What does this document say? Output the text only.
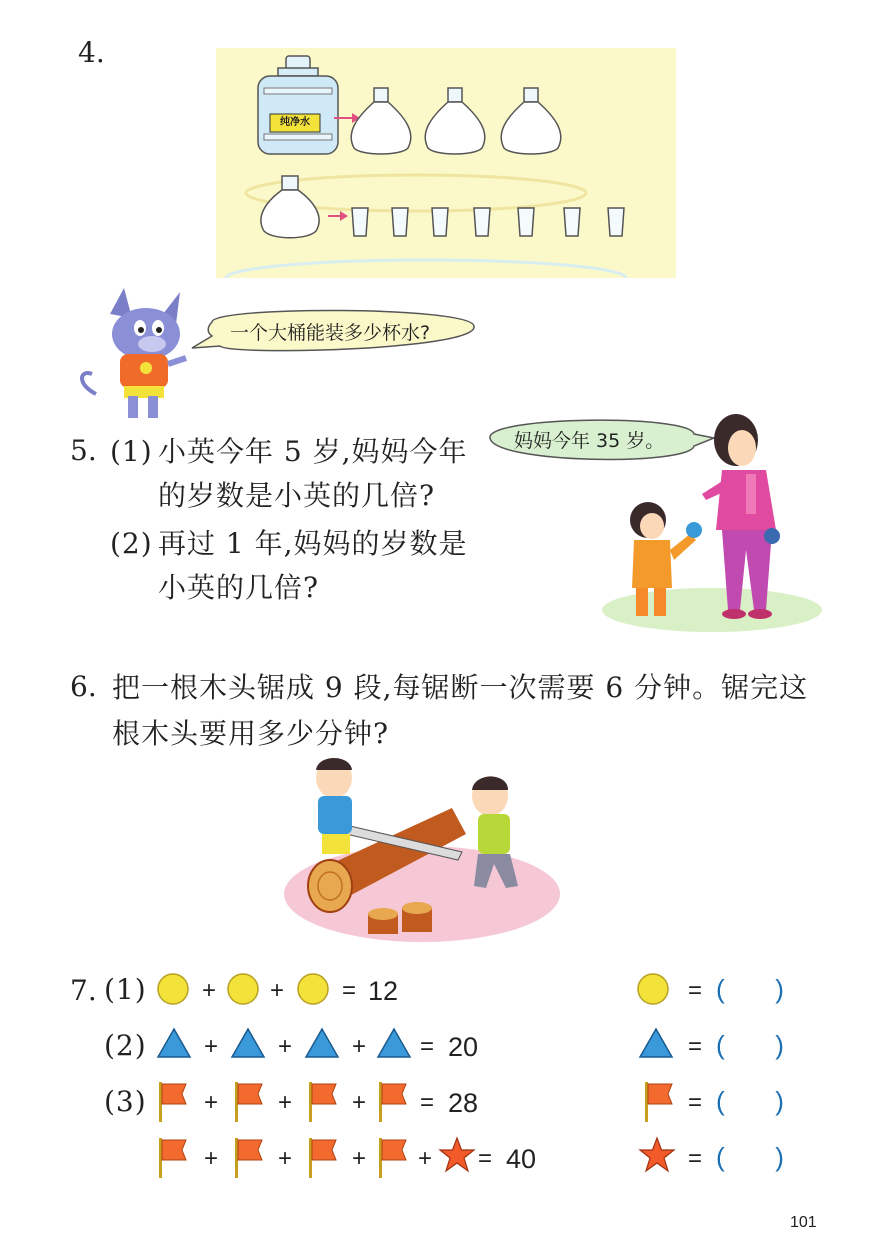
4.
纯净水
一个大桶能装多少杯水?
5. (1) 小英今年 5 岁,妈妈今年
的岁数是小英的几倍?
(2) 再过 1 年,妈妈的岁数是
小英的几倍?
妈妈今年 35 岁。
6. 把一根木头锯成 9 段,每锯断一次需要 6 分钟。锯完这
根木头要用多少分钟?
7. (1) + + = 12	= (       )
(2) + + + = 20	= (       )
(3) + + + = 28	= (       )
+ + + + = 40	= (       )
101
